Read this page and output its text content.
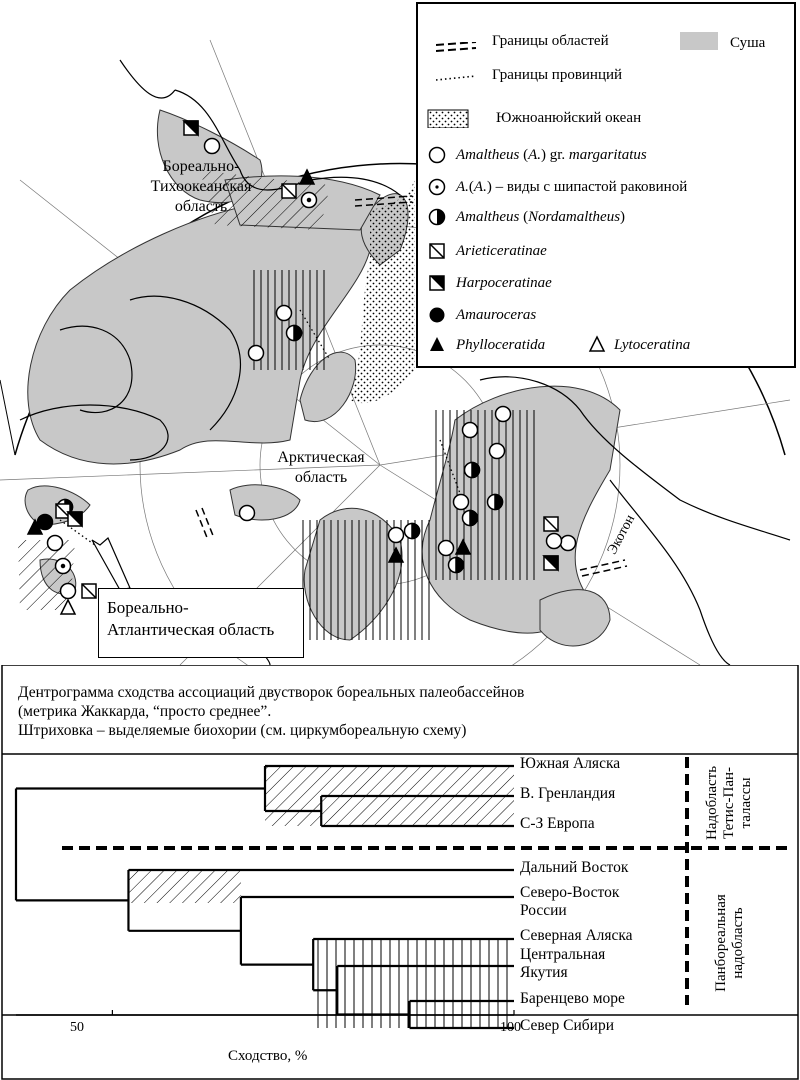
Бореально-
Тихоокеанская
область
Арктическая
область
Экотон
Бореально-
Атлантическая область
Границы областей	Суша
Границы провинций
Южноанюйский океан
Amaltheus (A.) gr. margaritatus
A.(A.) – виды с шипастой раковиной
Amaltheus (Nordamaltheus)
Arieticeratinae
Harpoceratinae
Amauroceras
Phylloceratida	Lytoceratina
Дентрограмма сходства ассоциаций двустворок бореальных палеобассейнов
(метрика Жаккарда, “просто среднее”.
Штриховка – выделяемые биохории (см. циркумбореальную схему)
Южная Аляска
В. Гренландия
С-З Европа
Дальний Восток
Северо-Восток
России
Северная Аляска
Центральная
Якутия
Баренцево море
Север Сибири
Надобласть
Тетис-Пан-
талассы
Панбореальная
надобласть
50	100
Сходство, %
